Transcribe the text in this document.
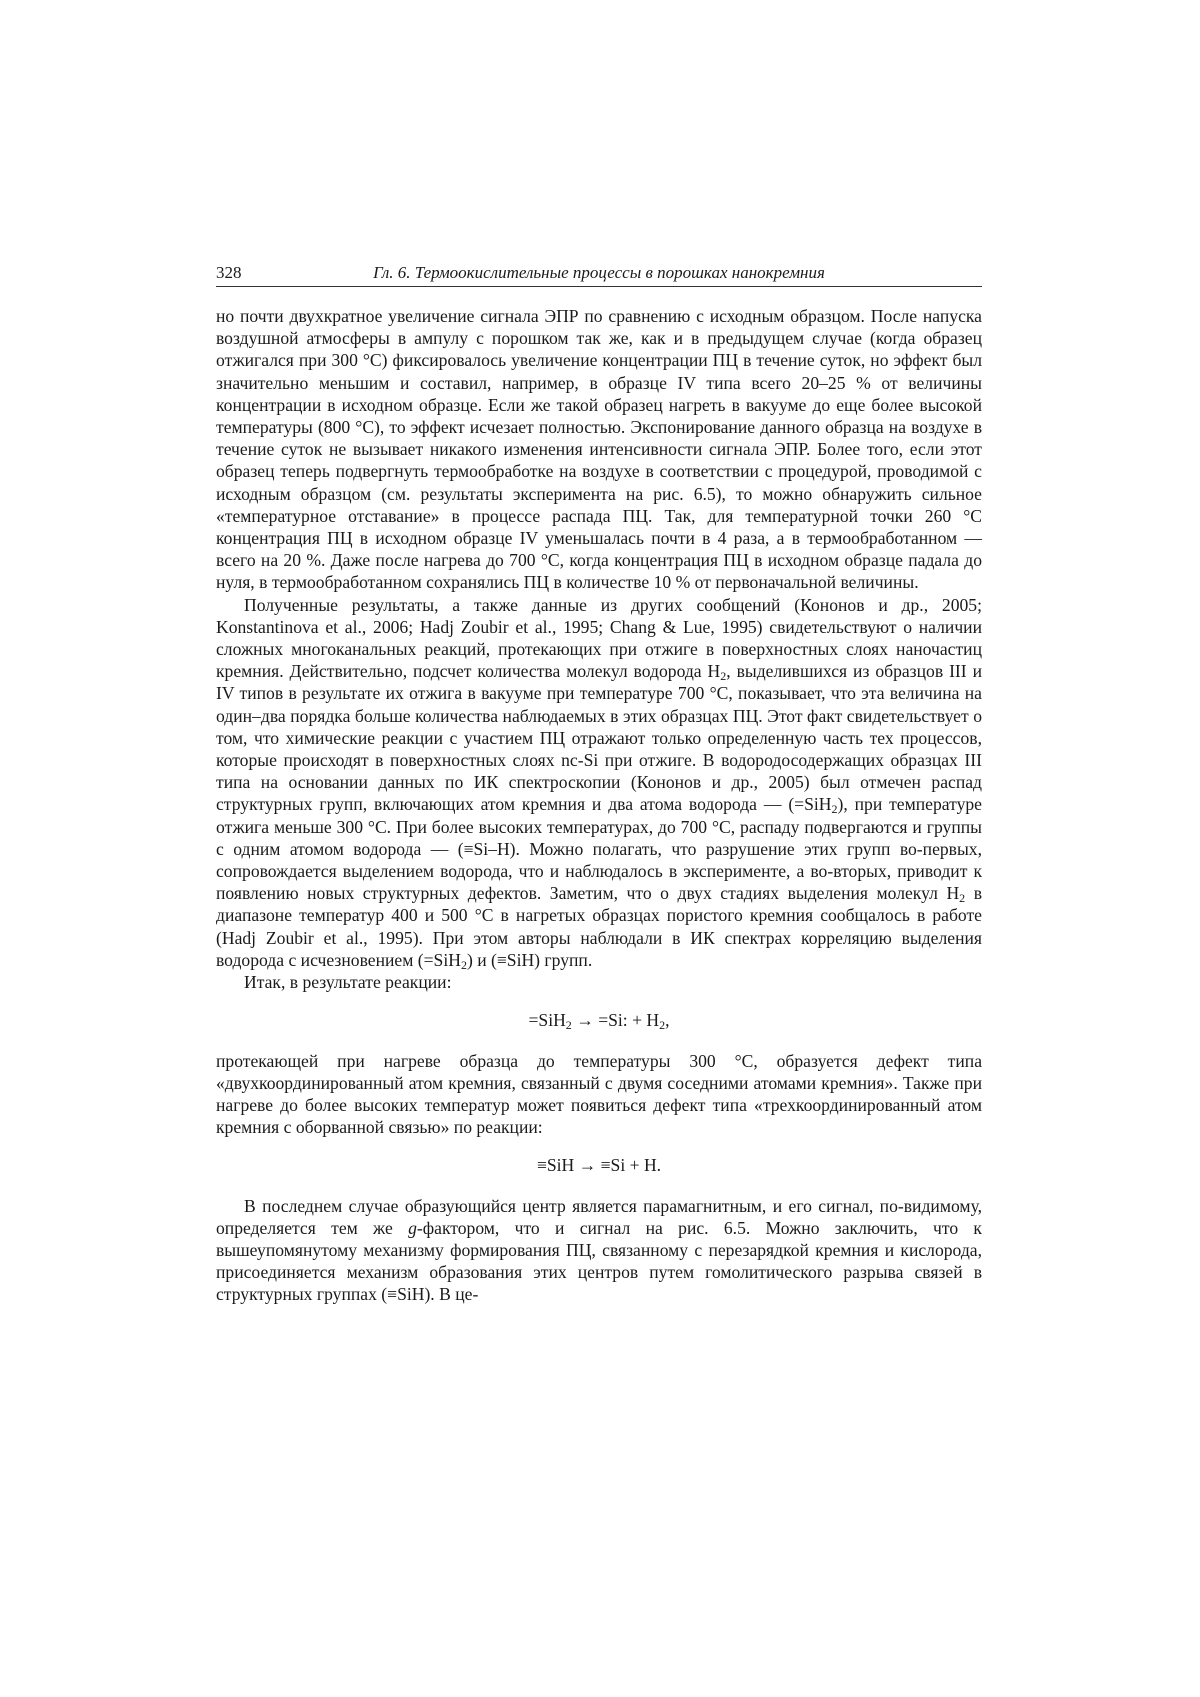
328	Гл. 6. Термоокислительные процессы в порошках нанокремния

но почти двухкратное увеличение сигнала ЭПР по сравнению с исходным образцом. После напуска воздушной атмосферы в ампулу с порошком так же, как и в предыдущем случае (когда образец отжигался при 300 °C) фиксировалось увеличение концентрации ПЦ в течение суток, но эффект был значительно меньшим и составил, например, в образце IV типа всего 20–25 % от величины концентрации в исходном образце. Если же такой образец нагреть в вакууме до еще более высокой температуры (800 °C), то эффект исчезает полностью. Экспонирование данного образца на воздухе в течение суток не вызывает никакого изменения интенсивности сигнала ЭПР. Более того, если этот образец теперь подвергнуть термообработке на воздухе в соответствии с процедурой, проводимой с исходным образцом (см. результаты эксперимента на рис. 6.5), то можно обнаружить сильное «температурное отставание» в процессе распада ПЦ. Так, для температурной точки 260 °C концентрация ПЦ в исходном образце IV уменьшалась почти в 4 раза, а в термообработанном — всего на 20 %. Даже после нагрева до 700 °C, когда концентрация ПЦ в исходном образце падала до нуля, в термообработанном сохранялись ПЦ в количестве 10 % от первоначальной величины.

Полученные результаты, а также данные из других сообщений (Кононов и др., 2005; Konstantinova et al., 2006; Hadj Zoubir et al., 1995; Chang & Lue, 1995) свидетельствуют о наличии сложных многоканальных реакций, протекающих при отжиге в поверхностных слоях наночастиц кремния. Действительно, подсчет количества молекул водорода $H_2$, выделившихся из образцов III и IV типов в результате их отжига в вакууме при температуре 700 °C, показывает, что эта величина на один–два порядка больше количества наблюдаемых в этих образцах ПЦ. Этот факт свидетельствует о том, что химические реакции с участием ПЦ отражают только определенную часть тех процессов, которые происходят в поверхностных слоях nc-Si при отжиге. В водородосодержащих образцах III типа на основании данных по ИК спектроскопии (Кононов и др., 2005) был отмечен распад структурных групп, включающих атом кремния и два атома водорода — (=SiH$_2$), при температуре отжига меньше 300 °C. При более высоких температурах, до 700 °C, распаду подвергаются и группы с одним атомом водорода — (≡Si–H). Можно полагать, что разрушение этих групп во-первых, сопровождается выделением водорода, что и наблюдалось в эксперименте, а во-вторых, приводит к появлению новых структурных дефектов. Заметим, что о двух стадиях выделения молекул $H_2$ в диапазоне температур 400 и 500 °C в нагретых образцах пористого кремния сообщалось в работе (Hadj Zoubir et al., 1995). При этом авторы наблюдали в ИК спектрах корреляцию выделения водорода с исчезновением (=SiH$_2$) и (≡SiH) групп.

Итак, в результате реакции:

=SiH$_2$ → =Si: + $H_2$,

протекающей при нагреве образца до температуры 300 °C, образуется дефект типа «двухкоординированный атом кремния, связанный с двумя соседними атомами кремния». Также при нагреве до более высоких температур может появиться дефект типа «трехкоординированный атом кремния с оборванной связью» по реакции:

≡SiH → ≡Si + H.

В последнем случае образующийся центр является парамагнитным, и его сигнал, по-видимому, определяется тем же g-фактором, что и сигнал на рис. 6.5. Можно заключить, что к вышеупомянутому механизму формирования ПЦ, связанному с перезарядкой кремния и кислорода, присоединяется механизм образования этих центров путем гомолитического разрыва связей в структурных группах (≡SiH). В це-
